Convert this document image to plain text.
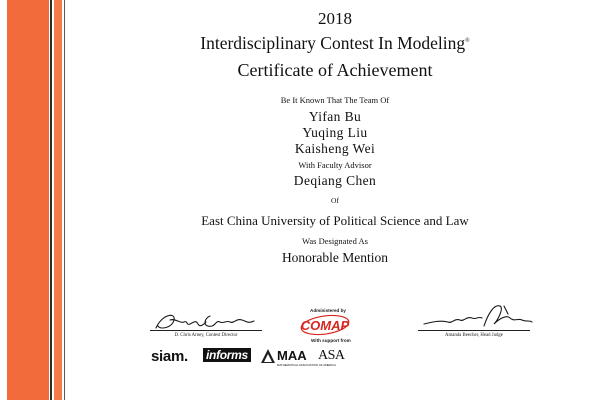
2018
Interdisciplinary Contest In Modeling®
Certificate of Achievement
Be It Known That The Team Of
Yifan Bu
Yuqing Liu
Kaisheng Wei
With Faculty Advisor
Deqiang Chen
Of
East China University of Political Science and Law
Was Designated As
Honorable Mention
D. Chris Arney, Contest Director	Amanda Beecher, Head Judge
Administered by
COMAP
With support from
siam. informs MAA
MATHEMATICAL ASSOCIATION OF AMERICA
ASA
